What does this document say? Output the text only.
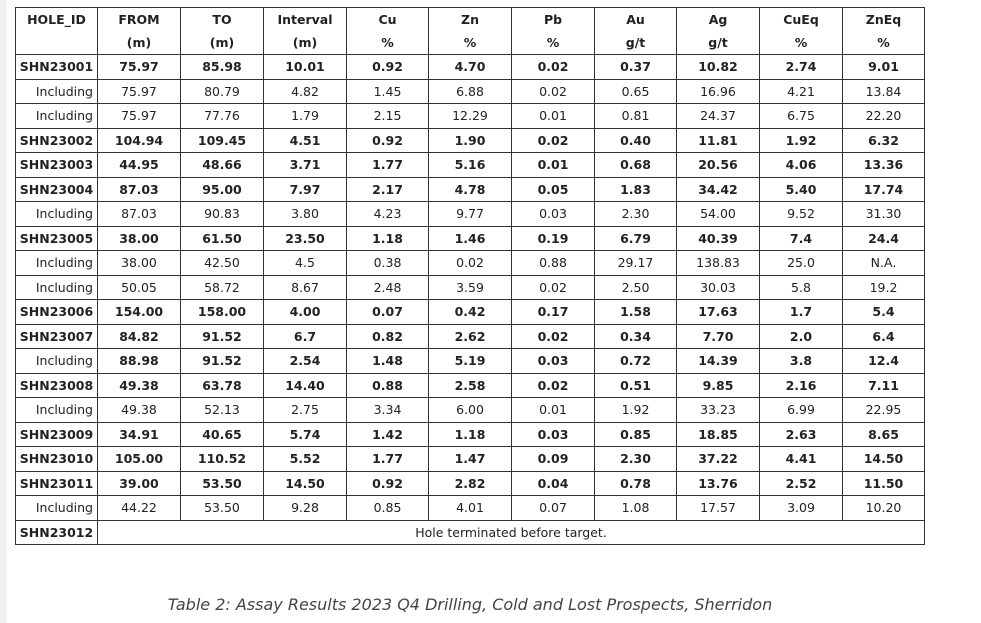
HOLE_ID	FROM	TO	Interval	Cu	Zn	Pb	Au	Ag	CuEq	ZnEq
	(m)	(m)	(m)	%	%	%	g/t	g/t	%	%
SHN23001	75.97	85.98	10.01	0.92	4.70	0.02	0.37	10.82	2.74	9.01
Including	75.97	80.79	4.82	1.45	6.88	0.02	0.65	16.96	4.21	13.84
Including	75.97	77.76	1.79	2.15	12.29	0.01	0.81	24.37	6.75	22.20
SHN23002	104.94	109.45	4.51	0.92	1.90	0.02	0.40	11.81	1.92	6.32
SHN23003	44.95	48.66	3.71	1.77	5.16	0.01	0.68	20.56	4.06	13.36
SHN23004	87.03	95.00	7.97	2.17	4.78	0.05	1.83	34.42	5.40	17.74
Including	87.03	90.83	3.80	4.23	9.77	0.03	2.30	54.00	9.52	31.30
SHN23005	38.00	61.50	23.50	1.18	1.46	0.19	6.79	40.39	7.4	24.4
Including	38.00	42.50	4.5	0.38	0.02	0.88	29.17	138.83	25.0	N.A.
Including	50.05	58.72	8.67	2.48	3.59	0.02	2.50	30.03	5.8	19.2
SHN23006	154.00	158.00	4.00	0.07	0.42	0.17	1.58	17.63	1.7	5.4
SHN23007	84.82	91.52	6.7	0.82	2.62	0.02	0.34	7.70	2.0	6.4
Including	88.98	91.52	2.54	1.48	5.19	0.03	0.72	14.39	3.8	12.4
SHN23008	49.38	63.78	14.40	0.88	2.58	0.02	0.51	9.85	2.16	7.11
Including	49.38	52.13	2.75	3.34	6.00	0.01	1.92	33.23	6.99	22.95
SHN23009	34.91	40.65	5.74	1.42	1.18	0.03	0.85	18.85	2.63	8.65
SHN23010	105.00	110.52	5.52	1.77	1.47	0.09	2.30	37.22	4.41	14.50
SHN23011	39.00	53.50	14.50	0.92	2.82	0.04	0.78	13.76	2.52	11.50
Including	44.22	53.50	9.28	0.85	4.01	0.07	1.08	17.57	3.09	10.20
SHN23012	Hole terminated before target.									
Table 2: Assay Results 2023 Q4 Drilling, Cold and Lost Prospects, Sherridon
